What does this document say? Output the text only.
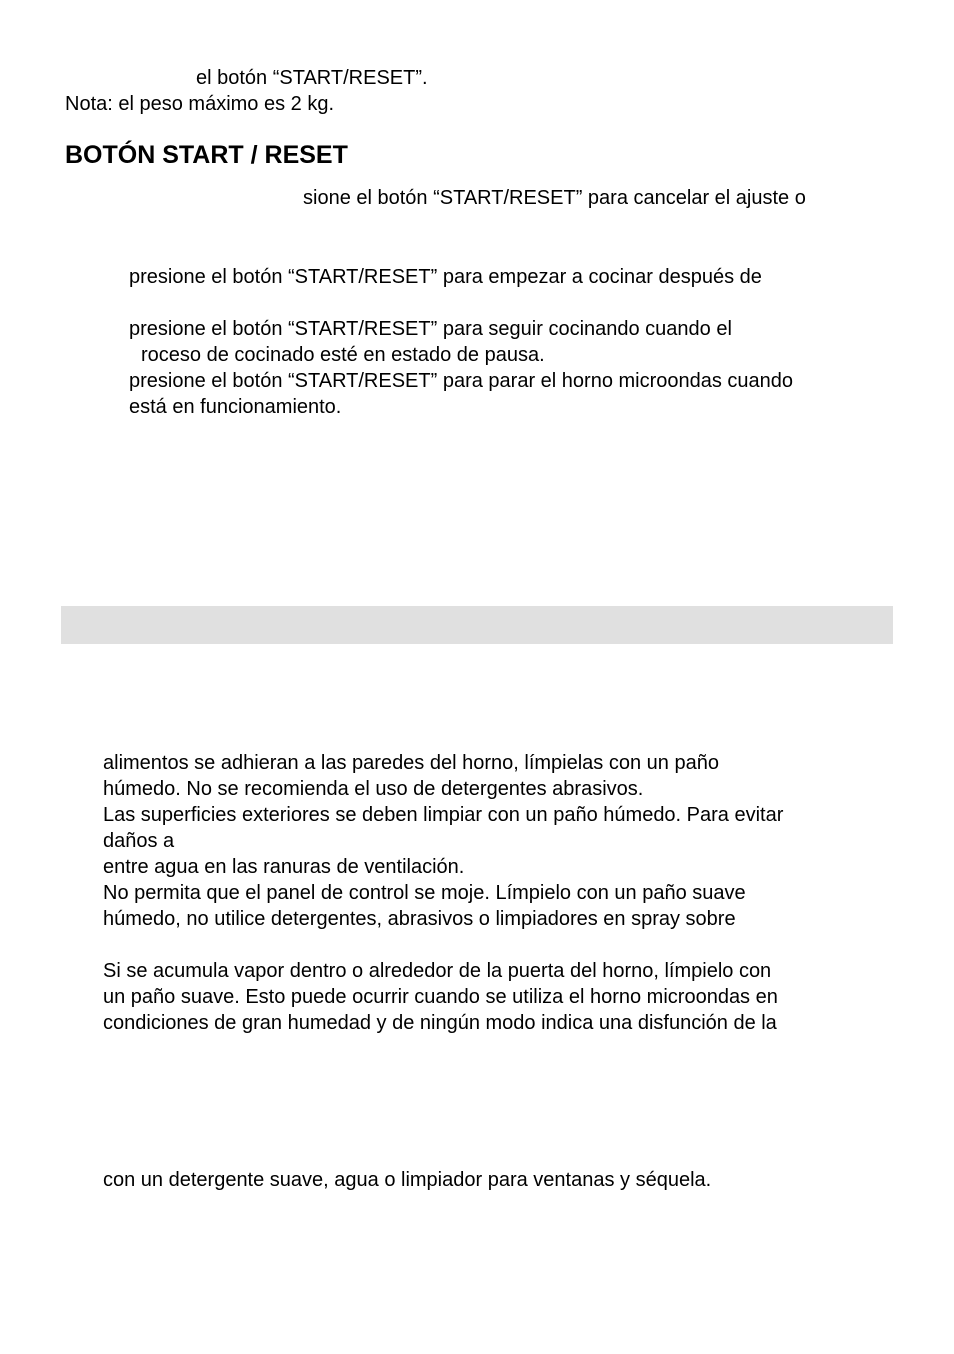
el botón “START/RESET”.
Nota: el peso máximo es 2 kg.
BOTÓN START / RESET
sione el botón “START/RESET” para cancelar el ajuste o
presione el botón “START/RESET” para empezar a cocinar después de
presione el botón “START/RESET” para seguir cocinando cuando el
roceso de cocinado esté en estado de pausa.
presione el botón “START/RESET” para parar el horno microondas cuando
está en funcionamiento.
alimentos se adhieran a las paredes del horno, límpielas con un paño
húmedo. No se recomienda el uso de detergentes abrasivos.
Las superficies exteriores se deben limpiar con un paño húmedo. Para evitar
daños a
entre agua en las ranuras de ventilación.
No permita que el panel de control se moje. Límpielo con un paño suave
húmedo, no utilice detergentes, abrasivos o limpiadores en spray sobre
Si se acumula vapor dentro o alrededor de la puerta del horno, límpielo con
un paño suave. Esto puede ocurrir cuando se utiliza el horno microondas en
condiciones de gran humedad y de ningún modo indica una disfunción de la
con un detergente suave, agua o limpiador para ventanas y séquela.
